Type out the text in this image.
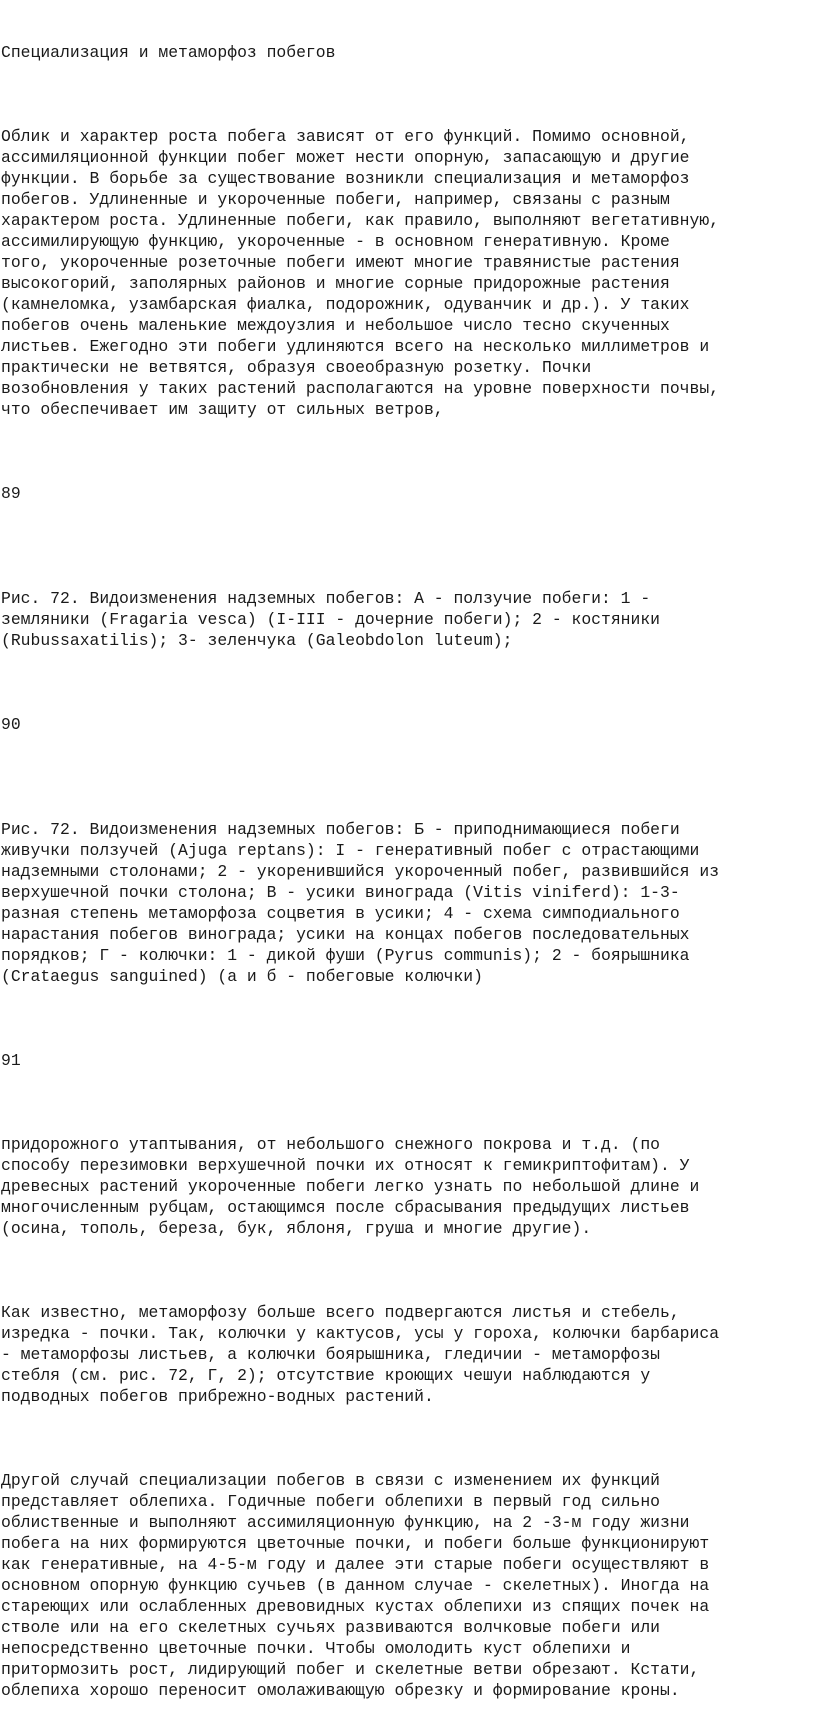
Специализация и метаморфоз побегов

Облик и характер роста побега зависят от его функций. Помимо основной,
ассимиляционной функции побег может нести опорную, запасающую и другие
функции. В борьбе за существование возникли специализация и метаморфоз
побегов. Удлиненные и укороченные побеги, например, связаны с разным
характером роста. Удлиненные побеги, как правило, выполняют вегетативную,
ассимилирующую функцию, укороченные - в основном генеративную. Кроме
того, укороченные розеточные побеги имеют многие травянистые растения
высокогорий, заполярных районов и многие сорные придорожные растения
(камнеломка, узамбарская фиалка, подорожник, одуванчик и др.). У таких
побегов очень маленькие междоузлия и небольшое число тесно скученных
листьев. Ежегодно эти побеги удлиняются всего на несколько миллиметров и
практически не ветвятся, образуя своеобразную розетку. Почки
возобновления у таких растений располагаются на уровне поверхности почвы,
что обеспечивает им защиту от сильных ветров,

89

Рис. 72. Видоизменения надземных побегов: А - ползучие побеги: 1 -
земляники (Fragaria vesca) (I-III - дочерние побеги); 2 - костяники
(Rubussaxatilis); 3- зеленчука (Galeobdolon luteum);

90

Рис. 72. Видоизменения надземных побегов: Б - приподнимающиеся побеги
живучки ползучей (Ajuga reptans): I - генеративный побег с отрастающими
надземными столонами; 2 - укоренившийся укороченный побег, развившийся из
верхушечной почки столона; В - усики винограда (Vitis viniferd): 1-3-
разная степень метаморфоза соцветия в усики; 4 - схема симподиального
нарастания побегов винограда; усики на концах побегов последовательных
порядков; Г - колючки: 1 - дикой фуши (Pyrus communis); 2 - боярышника
(Crataegus sanguined) (а и б - побеговые колючки)

91

придорожного утаптывания, от небольшого снежного покрова и т.д. (по
способу перезимовки верхушечной почки их относят к гемикриптофитам). У
древесных растений укороченные побеги легко узнать по небольшой длине и
многочисленным рубцам, остающимся после сбрасывания предыдущих листьев
(осина, тополь, береза, бук, яблоня, груша и многие другие).

Как известно, метаморфозу больше всего подвергаются листья и стебель,
изредка - почки. Так, колючки у кактусов, усы у гороха, колючки барбариса
- метаморфозы листьев, а колючки боярышника, гледичии - метаморфозы
стебля (см. рис. 72, Г, 2); отсутствие кроющих чешуи наблюдаются у
подводных побегов прибрежно-водных растений.

Другой случай специализации побегов в связи с изменением их функций
представляет облепиха. Годичные побеги облепихи в первый год сильно
облиственные и выполняют ассимиляционную функцию, на 2 -3-м году жизни
побега на них формируются цветочные почки, и побеги больше функционируют
как генеративные, на 4-5-м году и далее эти старые побеги осуществляют в
основном опорную функцию сучьев (в данном случае - скелетных). Иногда на
стареющих или ослабленных древовидных кустах облепихи из спящих почек на
стволе или на его скелетных сучьях развиваются волчковые побеги или
непосредственно цветочные почки. Чтобы омолодить куст облепихи и
притормозить рост, лидирующий побег и скелетные ветви обрезают. Кстати,
облепиха хорошо переносит омолаживающую обрезку и формирование кроны.
